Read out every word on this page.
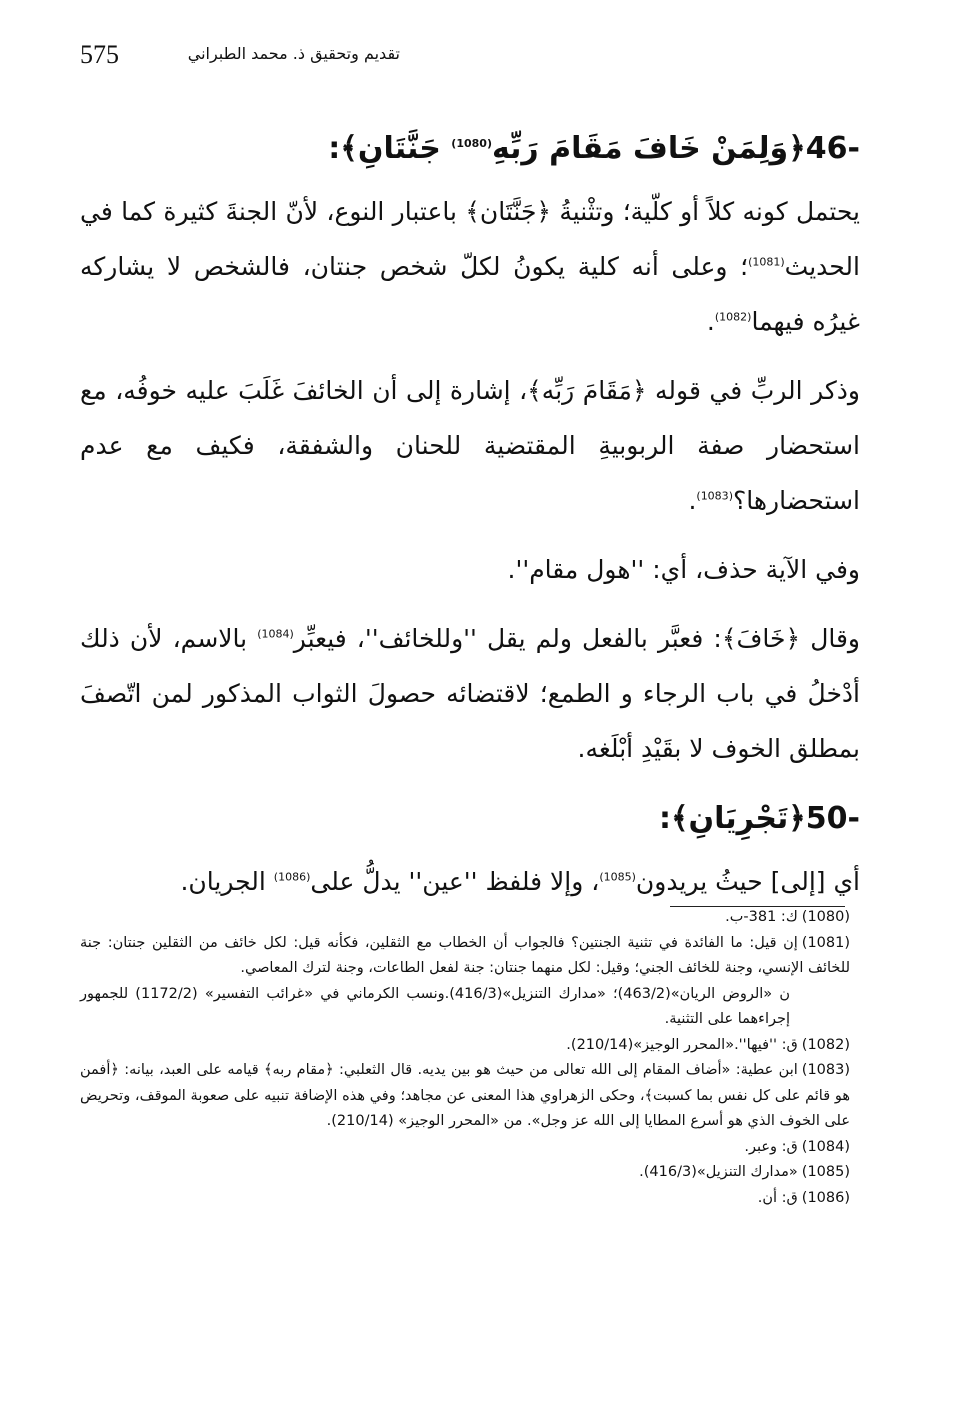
575	تقديم وتحقيق ذ. محمد الطبراني
46-﴿وَلِمَنْ خَافَ مَقَامَ رَبِّهِ$^{(1080)}$ جَنَّتَانِ﴾:

يحتمل كونه كلاً أو كلّية؛ وتثْنيةُ ﴿جَنَّتَان﴾ باعتبار النوع، لأنّ الجنةَ كثيرة كما في الحديث$^{(1081)}$؛ وعلى أنه كلية يكونُ لكلّ شخص جنتان، فالشخص لا يشاركه غيرُه فيهما$^{(1082)}$.

وذكر الربِّ في قوله ﴿مَقَامَ رَبِّه﴾، إشارة إلى أن الخائفَ غَلَبَ عليه خوفُه، مع استحضار صفة الربوبيةِ المقتضية للحنان والشفقة، فكيف مع عدم استحضارها؟$^{(1083)}$.

وفي الآية حذف، أي: ''هول مقام''.

وقال ﴿خَافَ﴾: فعبَّر بالفعل ولم يقل ''وللخائف''، فيعبِّر$^{(1084)}$ بالاسم، لأن ذلك أدْخلُ في باب الرجاء و الطمع؛ لاقتضائه حصولَ الثواب المذكور لمن اتّصفَ بمطلق الخوف لا بقَيْدِ أبْلَغه.

50-﴿تَجْرِيَانِ﴾:

أي [إلى] حيثُ يريدون$^{(1085)}$، وإلا فلفظ ''عين'' يدلُّ على$^{(1086)}$ الجريان.

(1080)ك: 381-ب.

(1081)إن قيل: ما الفائدة في تثنية الجنتين؟ فالجواب أن الخطاب مع الثقلين، فكأنه قيل: لكل خائف من الثقلين جنتان: جنة للخائف الإنسي، وجنة للخائف الجني؛ وقيل: لكل منهما جنتان: جنة لفعل الطاعات، وجنة لترك المعاصي.

ن «الروض الريان»(463/2)؛ «مدارك التنزيل»(416/3).ونسب الكرماني في «غرائب التفسير» (1172/2) للجمهور إجراءهما على التثنية.

(1082)ق: ''فيها''.«المحرر الوجيز»(210/14).

(1083)ابن عطية: «أضاف المقام إلى الله تعالى من حيث هو بين يديه. قال الثعلبي: ﴿مقام ربه﴾ قيامه على العبد، بيانه: ﴿أفمن هو قائم على كل نفس بما كسبت﴾، وحكى الزهراوي هذا المعنى عن مجاهد؛ وفي هذه الإضافة تنبيه على صعوبة الموقف، وتحريض على الخوف الذي هو أسرع المطايا إلى الله عز وجل». من «المحرر الوجيز» (210/14).

(1084)ق: وعبر.

(1085)«مدارك التنزيل»(416/3).

(1086)ق: أن.
